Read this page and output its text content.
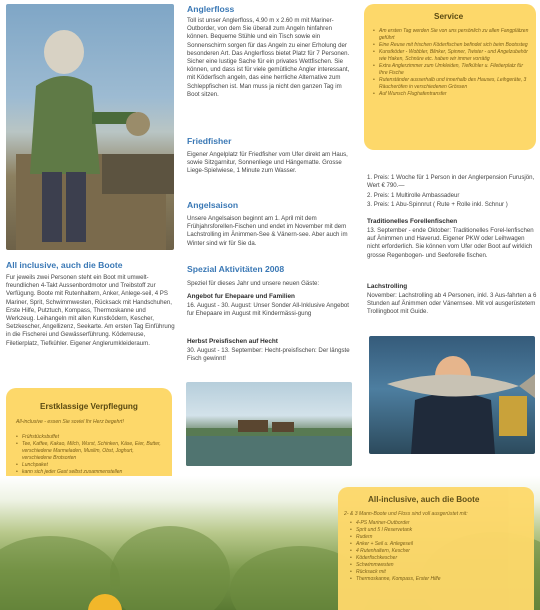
All inclusive, auch die Boote
Fur jeweils zwei Personen steht ein Boot mit umwelt-freundlichen 4-Takt Aussenbordmotor und Treibstoff zur Verfügung. Boote mit Rutenhaltern, Anker, Anlege-seil, 4 PS Mariner, Sprit, Schwimmwesten, Rücksack mit Handschuhen, Erste Hilfe, Putztuch, Kompass, Thermoskanne und Werkzeug. Leihangeln mit allen Kunstködern, Kescher, Setzkescher, Angellizenz, Seekarte. Am ersten Tag Einführung in die Fischerei und Gewässerführung. Köderreuse, Filetierplatz, Tiefkühler. Eigener Anglerumkleideraum.
Erstklassige Verpflegung
All-inclusive - essen Sie soviel Ihr Herz begehrt!
• Frühstücksbuffet
• Tee, Kaffee, Kakao, Milch, Wurst, Schinken, Käse, Eier, Butter, verschiedene Marmeladen, Muslim, Obst, Joghurt, verschiedene Brotsorten
• Lunchpaket
• kann sich jeder Gast selbst zusammenstellen
•
•
•
•
Anglerfloss
Toll ist unser Anglerfloss, 4.90 m x 2.60 m mit Mariner-Outborder, von dem Sie überall zum Angeln hinfahren können. Bequeme Stühle und ein Tisch sowie ein Sonnenschirm sorgen für das Angeln zu einer Erholung der besonderen Art. Das Anglerfloss bietet Platz für 7 Personen. Sicher eine lustige Sache für ein privates Wettfischen. Sie können, und dass ist für viele gemütliche Angler interessant, mit Köderfisch angeln, das eine herrliche Alternative zum Schleppfischen ist. Man muss ja nicht den ganzen Tag im Boot sitzen.
Friedfisher
Eigener Angelplatz für Friedfisher vom Ufer direkt am Haus, sowie Sitzgarnitur, Sonnenliege und Hängematte. Grosse Liege-Spielwiese, 1 Minute zum Wasser.
Angelsaison
Unsere Angelsaison beginnt am 1. April mit dem Frühjahrsforellen-Fischen und endet im November mit dem Lachstrolling im Änimmen-See & Vänern-see. Aber auch im Winter sind wir für Sie da.
Spezial Aktivitäten 2008
Speziel für dieses Jahr und unsere neuen Gäste:
Angebot fur Ehepaare und Familien
16. August - 30. August: Unser Sonder All-Inklusive Angebot fur Ehepaare im August mit Kindermässi-gung
Herbst Preisfischen auf Hecht
30. August - 13. September: Hecht-preisfischen: Der längste Fisch gewinnt!
Service
• Am ersten Tag werden Sie von uns persönlich zu allen Fangplätzen geführt
• Eine Reuse mit frischen Köderfischen befindet sich beim Bootssteg
• Kunstköder - Wobbler, Blinker, Spinner, Twister - und Angelzubehör wie Haken, Schnüre etc. haben wir immer vorrätig
• Extra Anglerzimmer zum Umkleiden, Tiefkühler u. Filetierplatz für Ihre Fische
• Rutenständer ausserhalb und innerhalb des Hauses, Leihgeräte, 3 Räucheröfen in verschiedenen Grössen
• Auf Wunsch Flughafentransfer
1. Preis: 1 Woche für 1 Person in der Anglerpension Furusjön, Wert € 790.—
2. Preis: 1 Multirolle Ambassadeur
3. Preis: 1 Abu-Spinnrut ( Rute + Rolle inkl. Schnur )
Traditionelles Forellenfischen
13. September - ende Oktober: Traditionelles Forel-lenfischen auf Änimmen und Haverud. Eigener PKW oder Leihwagen nicht erforderlich. Sie können vom Ufer oder Boot auf wirklich grosse Regenbogen- und Seeforelle fischen.
Lachstrolling
November: Lachstrolling ab 4 Personen, inkl. 3 Aus-fahrten a 6 Stunden auf Änimmen oder Vänernsee. Mit vol ausgerüstetem Trollingboot mit Guide.
All-inclusive, auch die Boote
2- & 3 Mann-Boote und Floss sind voll ausgerüstet mit:
• 4-PS Mariner-Outborder
• Sprit und 5 l Reservetank
• Rudern
• Anker + Seil u. Anlegeseil
• 4 Rutenhaltern, Kescher
• Köderfischkescher
• Schwimmwesten
• Rücksack mit
• Thermoskanne, Kompass, Erster Hilfe
